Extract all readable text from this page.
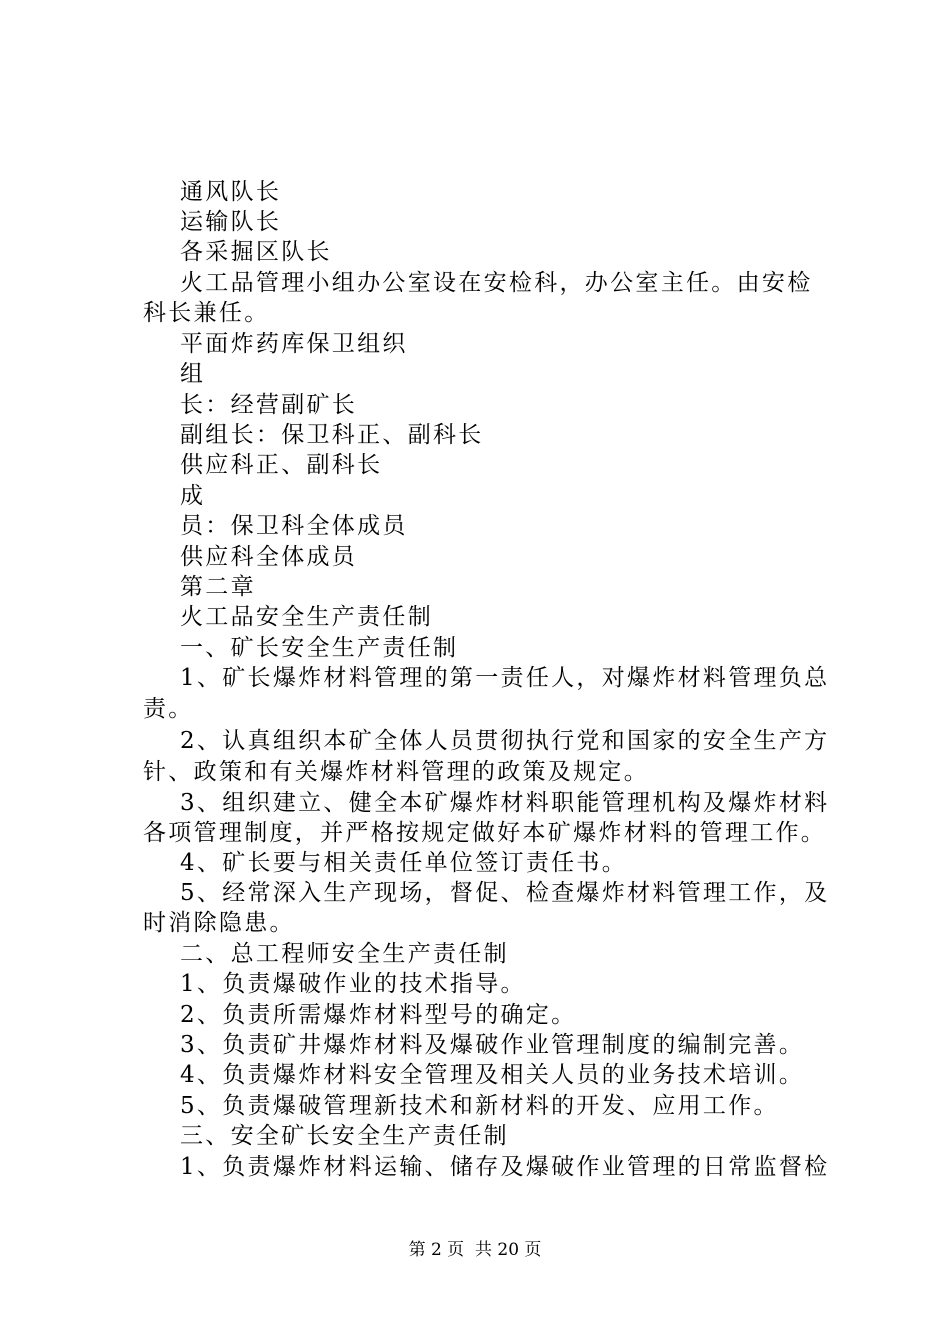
通风队长
运输队长
各采掘区队长
火工品管理小组办公室设在安检科，办公室主任。由安检
科长兼任。
平面炸药库保卫组织
组
长：经营副矿长
副组长：保卫科正、副科长
供应科正、副科长
成
员：保卫科全体成员
供应科全体成员
第二章
火工品安全生产责任制
一、矿长安全生产责任制
1、矿长爆炸材料管理的第一责任人，对爆炸材料管理负总
责。
2、认真组织本矿全体人员贯彻执行党和国家的安全生产方
针、政策和有关爆炸材料管理的政策及规定。
3、组织建立、健全本矿爆炸材料职能管理机构及爆炸材料
各项管理制度，并严格按规定做好本矿爆炸材料的管理工作。
4、矿长要与相关责任单位签订责任书。
5、经常深入生产现场，督促、检查爆炸材料管理工作，及
时消除隐患。
二、总工程师安全生产责任制
1、负责爆破作业的技术指导。
2、负责所需爆炸材料型号的确定。
3、负责矿井爆炸材料及爆破作业管理制度的编制完善。
4、负责爆炸材料安全管理及相关人员的业务技术培训。
5、负责爆破管理新技术和新材料的开发、应用工作。
三、安全矿长安全生产责任制
1、负责爆炸材料运输、储存及爆破作业管理的日常监督检
第 2 页  共 20 页
